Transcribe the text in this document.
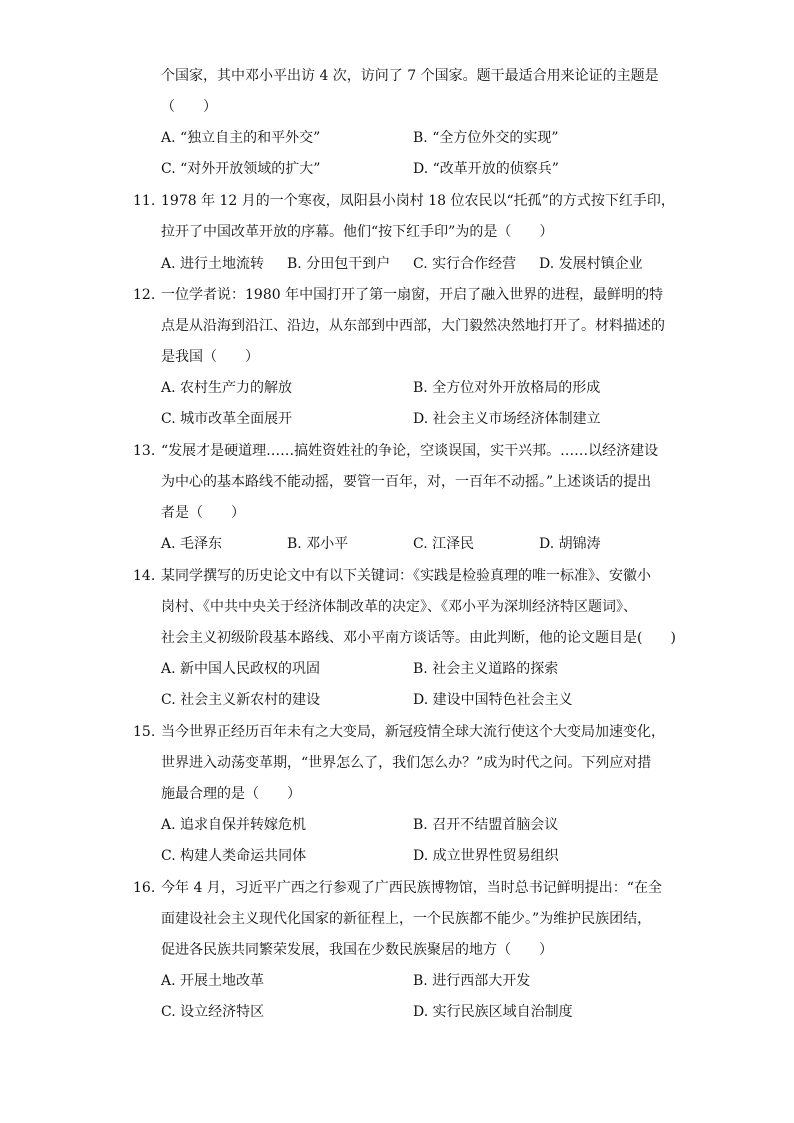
个国家，其中邓小平出访 4 次，访问了 7 个国家。题干最适合用来论证的主题是
（　　）
A. “独立自主的和平外交”	B. “全方位外交的实现”
C. “对外开放领域的扩大”	D. “改革开放的侦察兵”
11. 1978 年 12 月的一个寒夜，凤阳县小岗村 18 位农民以“托孤”的方式按下红手印，
拉开了中国改革开放的序幕。他们“按下红手印”为的是（　　）
A. 进行土地流转 B. 分田包干到户 C. 实行合作经营 D. 发展村镇企业
12. 一位学者说：1980 年中国打开了第一扇窗，开启了融入世界的进程，最鲜明的特
点是从沿海到沿江、沿边，从东部到中西部，大门毅然决然地打开了。材料描述的
是我国（　　）
A. 农村生产力的解放	B. 全方位对外开放格局的形成
C. 城市改革全面展开	D. 社会主义市场经济体制建立
13. “发展才是硬道理……搞姓资姓社的争论，空谈误国，实干兴邦。……以经济建设
为中心的基本路线不能动摇，要管一百年，对，一百年不动摇。”上述谈话的提出
者是（　　）
A. 毛泽东	B. 邓小平	C. 江泽民	D. 胡锦涛
14. 某同学撰写的历史论文中有以下关键词：《实践是检验真理的唯一标准》、安徽小
岗村、《中共中央关于经济体制改革的决定》、《邓小平为深圳经济特区题词》、
社会主义初级阶段基本路线、邓小平南方谈话等。由此判断，他的论文题目是(　　)
A. 新中国人民政权的巩固	B. 社会主义道路的探索
C. 社会主义新农村的建设	D. 建设中国特色社会主义
15. 当今世界正经历百年未有之大变局，新冠疫情全球大流行使这个大变局加速变化，
世界进入动荡变革期，“世界怎么了，我们怎么办？”成为时代之问。下列应对措
施最合理的是（　　）
A. 追求自保并转嫁危机	B. 召开不结盟首脑会议
C. 构建人类命运共同体	D. 成立世界性贸易组织
16. 今年 4 月，习近平广西之行参观了广西民族博物馆，当时总书记鲜明提出：“在全
面建设社会主义现代化国家的新征程上，一个民族都不能少。”为维护民族团结，
促进各民族共同繁荣发展，我国在少数民族聚居的地方（　　）
A. 开展土地改革	B. 进行西部大开发
C. 设立经济特区	D. 实行民族区域自治制度
